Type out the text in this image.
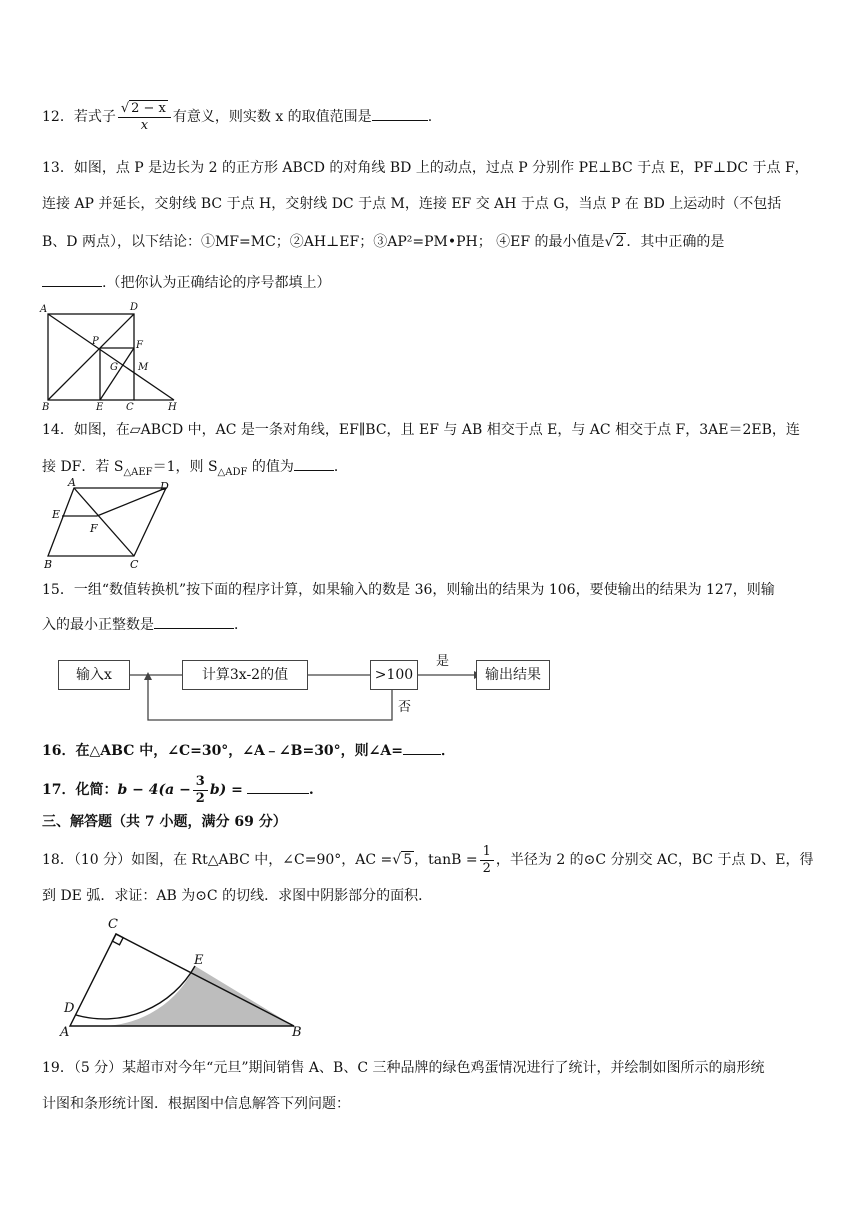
12．若式子 $\frac{√ 2 - x}{x}$ 有意义，则实数 x 的取值范围是	.
13．如图，点 P 是边长为 2 的正方形 ABCD 的对角线 BD 上的动点，过点 P 分别作 PE⊥BC 于点 E，PF⊥DC 于点 F，
连接 AP 并延长，交射线 BC 于点 H，交射线 DC 于点 M，连接 EF 交 AH 于点 G，当点 P 在 BD 上运动时（不包括
B、D 两点），以下结论：①MF=MC；②AH⊥EF；③AP²=PM•PH； ④EF 的最小值是√ 2 ．其中正确的是
.（把你认为正确结论的序号都填上）
A	D
P	F
G M
B	E C	H
14．如图，在▱ABCD 中，AC 是一条对角线，EF∥BC，且 EF 与 AB 相交于点 E，与 AC 相交于点 F，3AE＝2EB，连
接 DF．若 $S_{\triangle AEF}=1$，则 $S_{\triangle ADF}$ 的值为	．
A	D
E
F
B	C
15．一组“数值转换机”按下面的程序计算，如果输入的数是 36，则输出的结果为 106，要使输出的结果为 127，则输
入的最小正整数是	．
输入x	计算3x-2的值	>100	输出结果
是
否
16．在△ABC 中，∠C=30°，∠A﹣∠B=30°，则∠A=	．
17．化简：$b - 4(a - \frac{3}{2} b)$ =	.
三、解答题（共 7 小题，满分 69 分）
18．（10 分）如图，在 Rt△ABC 中，∠C=90°，AC =√ 5 ，$\tan B = \frac{1}{2}$ ，半径为 2 的⊙C 分别交 AC，BC 于点 D、E，得
到 DE 弧．求证：AB 为⊙C 的切线．求图中阴影部分的面积．
C
E
D
A	B
19．（5 分）某超市对今年“元旦”期间销售 A、B、C 三种品牌的绿色鸡蛋情况进行了统计，并绘制如图所示的扇形统
计图和条形统计图．根据图中信息解答下列问题：
